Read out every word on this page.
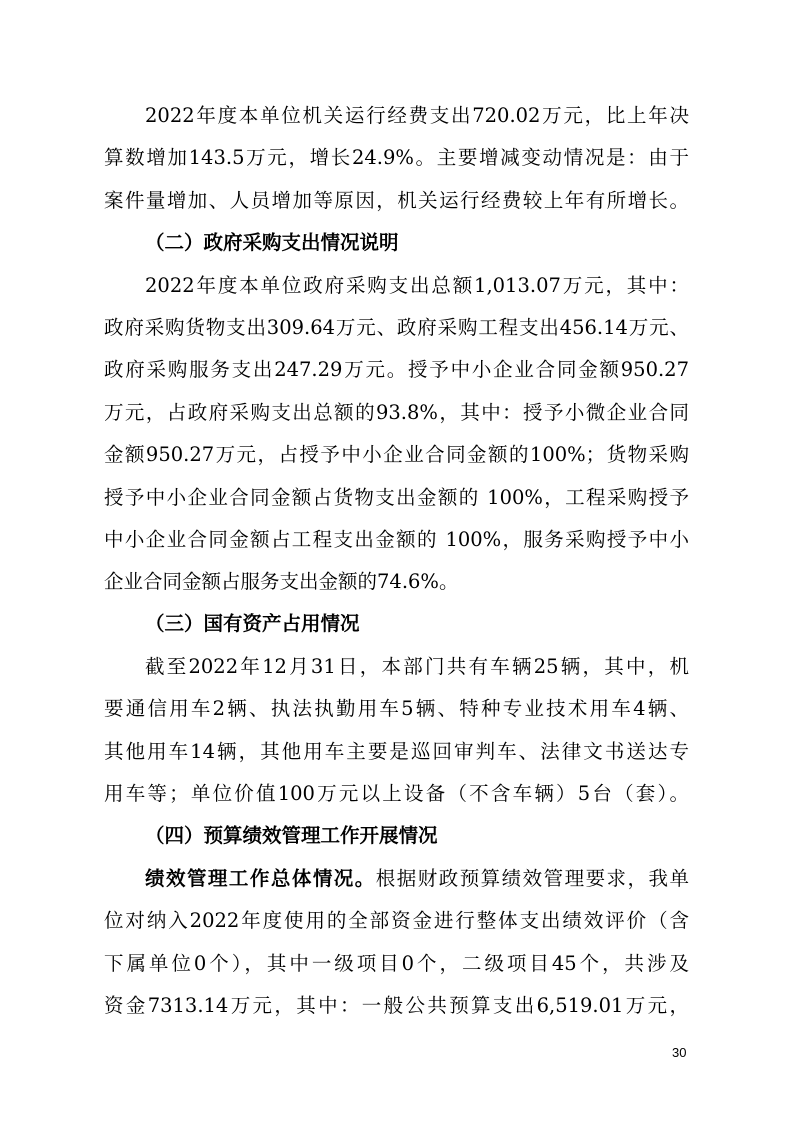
2022年度本单位机关运行经费支出720.02万元，比上年决
算数增加143.5万元，增长24.9%。主要增减变动情况是：由于
案件量增加、人员增加等原因，机关运行经费较上年有所增长。
（二）政府采购支出情况说明
2022年度本单位政府采购支出总额1,013.07万元，其中：
政府采购货物支出309.64万元、政府采购工程支出456.14万元、
政府采购服务支出247.29万元。授予中小企业合同金额950.27
万元，占政府采购支出总额的93.8%，其中：授予小微企业合同
金额950.27万元，占授予中小企业合同金额的100%；货物采购
授予中小企业合同金额占货物支出金额的 100%，工程采购授予
中小企业合同金额占工程支出金额的 100%，服务采购授予中小
企业合同金额占服务支出金额的74.6%。
（三）国有资产占用情况
截至2022年12月31日，本部门共有车辆25辆，其中，机
要通信用车2辆、执法执勤用车5辆、特种专业技术用车4辆、
其他用车14辆，其他用车主要是巡回审判车、法律文书送达专
用车等；单位价值100万元以上设备（不含车辆）5台（套）。
（四）预算绩效管理工作开展情况
绩效管理工作总体情况。根据财政预算绩效管理要求，我单
位对纳入2022年度使用的全部资金进行整体支出绩效评价（含
下属单位0个），其中一级项目0个，二级项目45个，共涉及
资金7313.14万元，其中：一般公共预算支出6,519.01万元，
30
